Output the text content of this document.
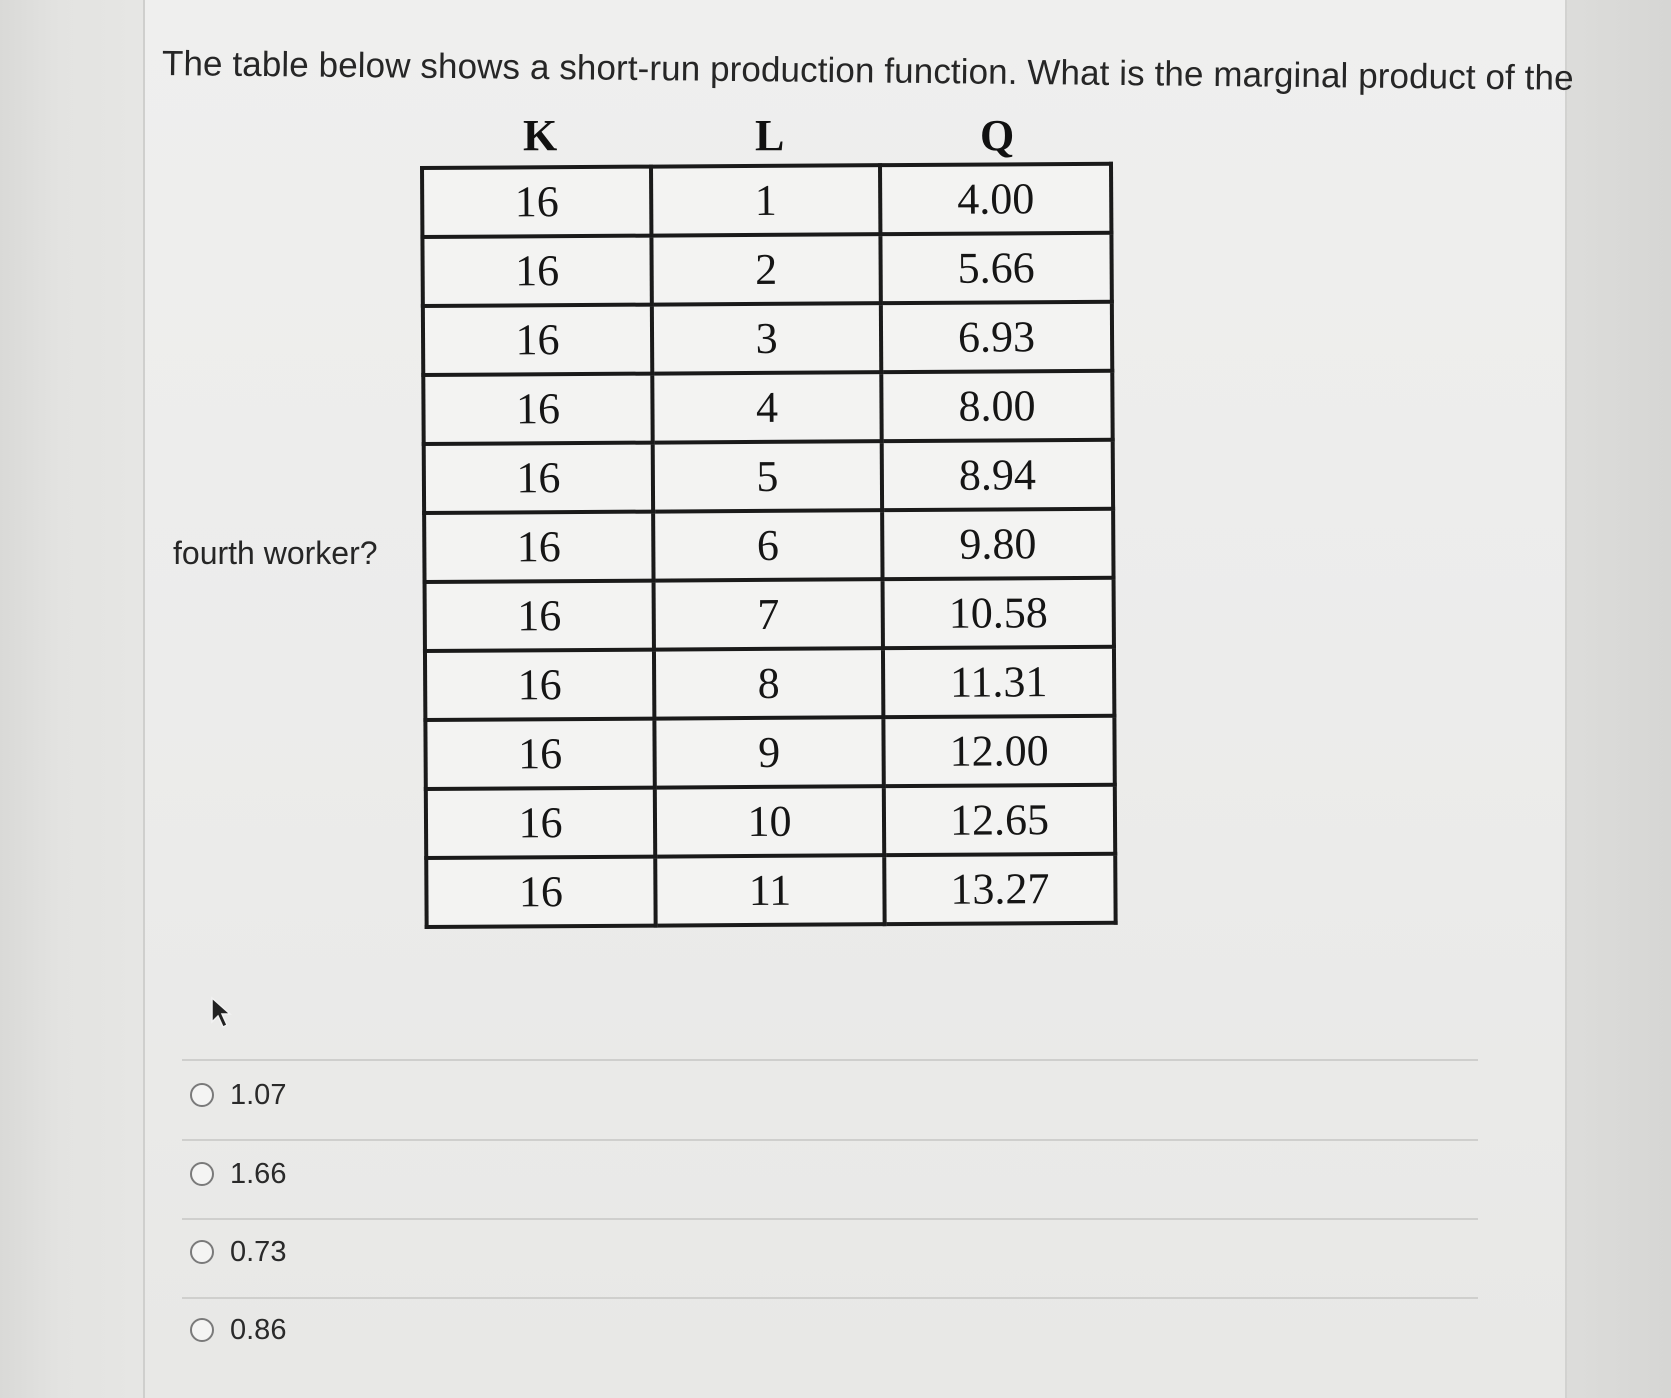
The table below shows a short-run production function. What is the marginal product of the
K	L	Q
fourth worker?
16	1	4.00
16	2	5.66
16	3	6.93
16	4	8.00
16	5	8.94
16	6	9.80
16	7	10.58
16	8	11.31
16	9	12.00
16	10	12.65
16	11	13.27
1.07
1.66
0.73
0.86
